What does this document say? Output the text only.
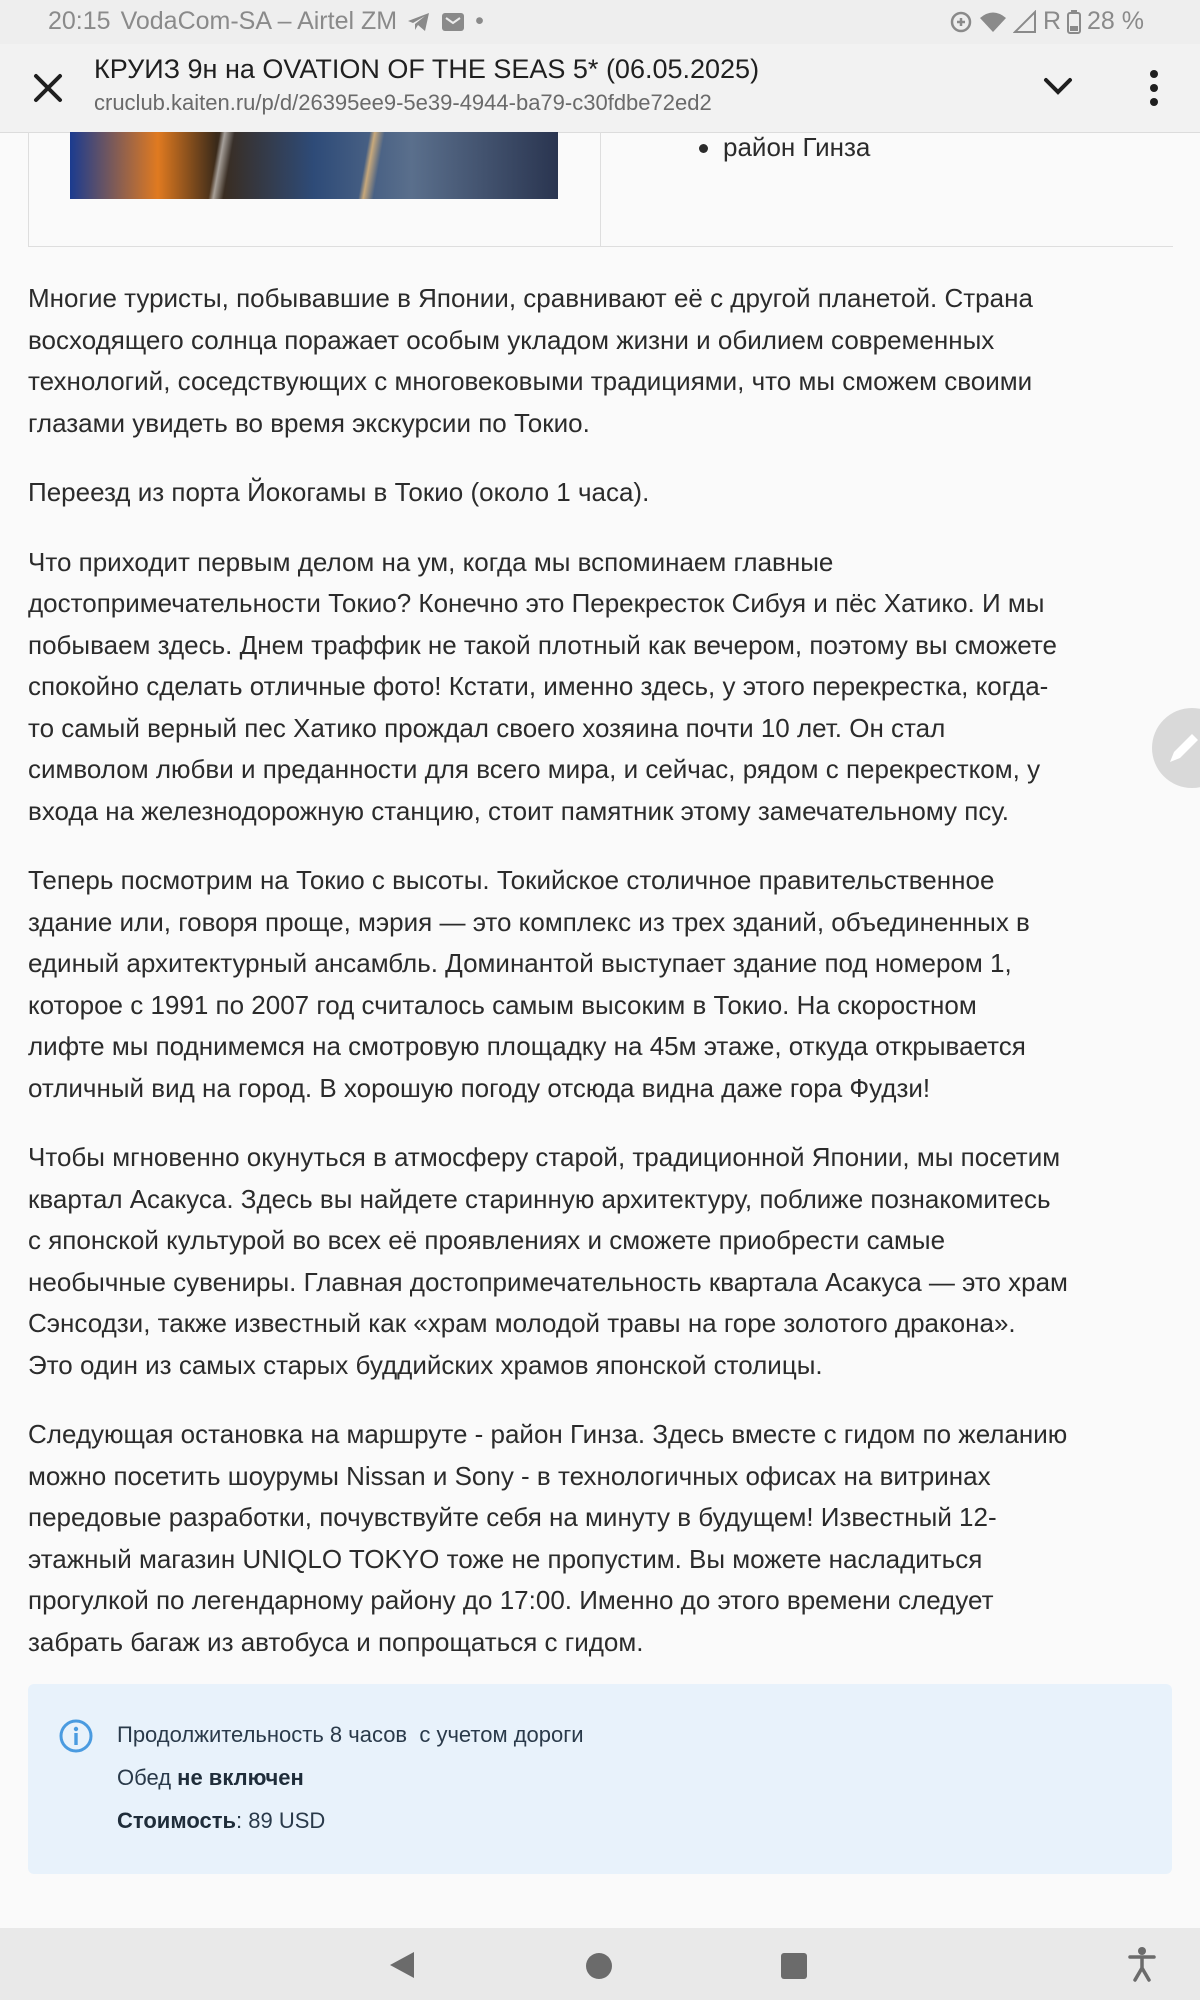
20:15 VodaCom-SA – Airtel ZM	•	R 28 %
КРУИЗ 9н на OVATION OF THE SEAS 5* (06.05.2025)
cruclub.kaiten.ru/p/d/26395ee9-5e39-4944-ba79-c30fdbe72ed2
район Гинза

Многие туристы, побывавшие в Японии, сравнивают её с другой планетой. Страна
восходящего солнца поражает особым укладом жизни и обилием современных
технологий, соседствующих с многовековыми традициями, что мы сможем своими
глазами увидеть во время экскурсии по Токио.

Переезд из порта Йокогамы в Токио (около 1 часа).

Что приходит первым делом на ум, когда мы вспоминаем главные
достопримечательности Токио? Конечно это Перекресток Сибуя и пёс Хатико. И мы
побываем здесь. Днем траффик не такой плотный как вечером, поэтому вы сможете
спокойно сделать отличные фото! Кстати, именно здесь, у этого перекрестка, когда-
то самый верный пес Хатико прождал своего хозяина почти 10 лет. Он стал
символом любви и преданности для всего мира, и сейчас, рядом с перекрестком, у
входа на железнодорожную станцию, стоит памятник этому замечательному псу.

Теперь посмотрим на Токио с высоты. Токийское столичное правительственное
здание или, говоря проще, мэрия — это комплекс из трех зданий, объединенных в
единый архитектурный ансамбль. Доминантой выступает здание под номером 1,
которое с 1991 по 2007 год считалось самым высоким в Токио. На скоростном
лифте мы поднимемся на смотровую площадку на 45м этаже, откуда открывается
отличный вид на город. В хорошую погоду отсюда видна даже гора Фудзи!

Чтобы мгновенно окунуться в атмосферу старой, традиционной Японии, мы посетим
квартал Асакуса. Здесь вы найдете старинную архитектуру, поближе познакомитесь
с японской культурой во всех её проявлениях и сможете приобрести самые
необычные сувениры. Главная достопримечательность квартала Асакуса — это храм
Сэнсодзи, также известный как «храм молодой травы на горе золотого дракона».
Это один из самых старых буддийских храмов японской столицы.

Следующая остановка на маршруте - район Гинза. Здесь вместе с гидом по желанию
можно посетить шоурумы Nissan и Sony - в технологичных офисах на витринах
передовые разработки, почувствуйте себя на минуту в будущем! Известный 12-
этажный магазин UNIQLO TOKYO тоже не пропустим. Вы можете насладиться
прогулкой по легендарному району до 17:00. Именно до этого времени следует
забрать багаж из автобуса и попрощаться с гидом.

Продолжительность 8 часов  с учетом дороги
Обед не включен
Стоимость: 89 USD
